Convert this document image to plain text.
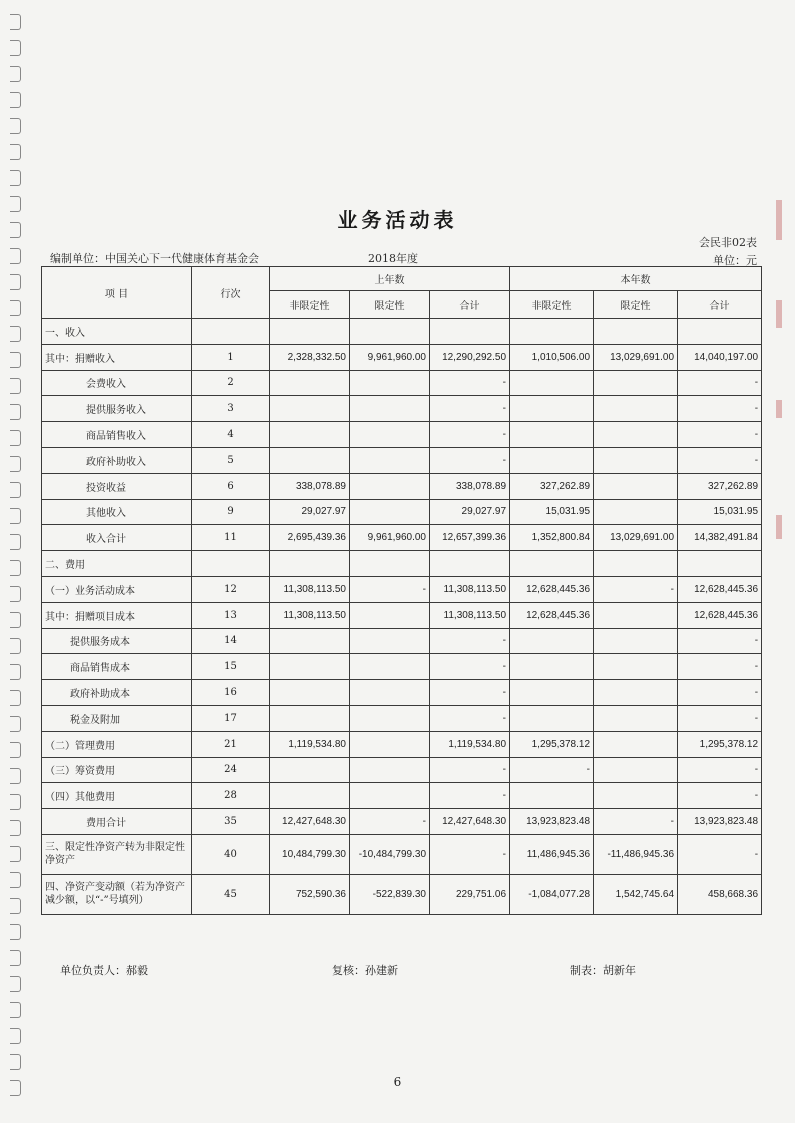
业务活动表
会民非02表
编制单位：中国关心下一代健康体育基金会	2018年度	单位：元
项 目	行次	上年数			本年数		
		非限定性	限定性	合计	非限定性	限定性	合计
一、收入							
其中：捐赠收入	1	2,328,332.50	9,961,960.00	12,290,292.50	1,010,506.00	13,029,691.00	14,040,197.00
会费收入	2			-			-
提供服务收入	3			-			-
商品销售收入	4			-			-
政府补助收入	5			-			-
投资收益	6	338,078.89		338,078.89	327,262.89		327,262.89
其他收入	9	29,027.97		29,027.97	15,031.95		15,031.95
收入合计	11	2,695,439.36	9,961,960.00	12,657,399.36	1,352,800.84	13,029,691.00	14,382,491.84
二、费用							
（一）业务活动成本	12	11,308,113.50	-	11,308,113.50	12,628,445.36	-	12,628,445.36
其中：捐赠项目成本	13	11,308,113.50		11,308,113.50	12,628,445.36		12,628,445.36
提供服务成本	14			-			-
商品销售成本	15			-			-
政府补助成本	16			-			-
税金及附加	17			-			-
（二）管理费用	21	1,119,534.80		1,119,534.80	1,295,378.12		1,295,378.12
（三）筹资费用	24			-	-		-
（四）其他费用	28			-			-
费用合计	35	12,427,648.30	-	12,427,648.30	13,923,823.48	-	13,923,823.48
三、限定性净资产转为非限定性净资产	40	10,484,799.30	-10,484,799.30	-	11,486,945.36	-11,486,945.36	-
四、净资产变动额（若为净资产减少额，以“-”号填列）	45	752,590.36	-522,839.30	229,751.06	-1,084,077.28	1,542,745.64	458,668.36
单位负责人：郝毅	复核：孙建新	制表：胡新年
6
